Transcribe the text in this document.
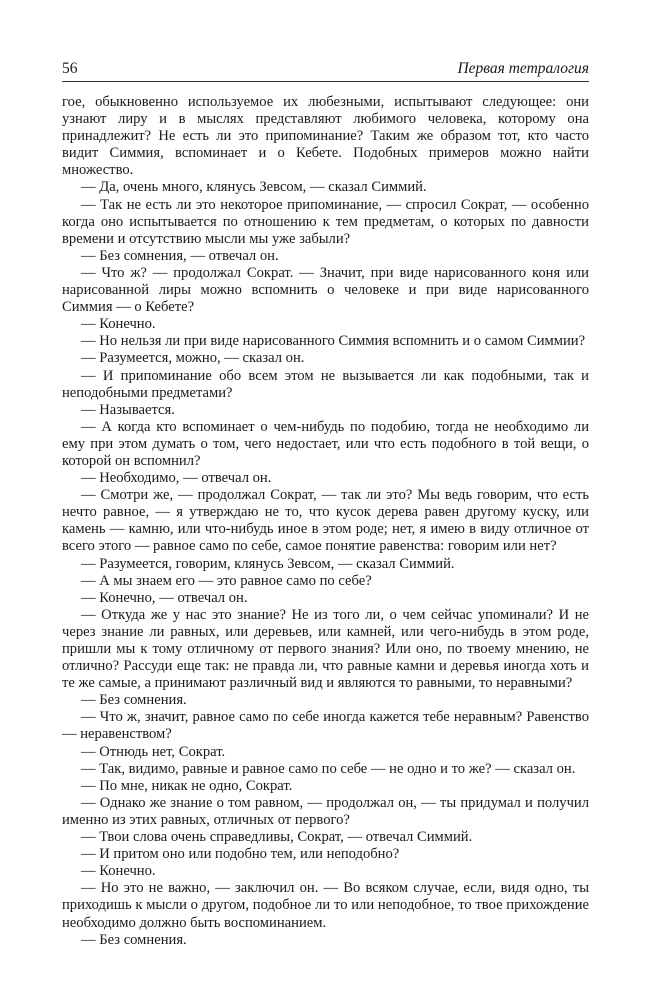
56	Первая тетралогия

гое, обыкновенно используемое их любезными, испытывают следующее: они узнают лиру и в мыслях представляют любимого человека, которому она принадлежит? Не есть ли это припоминание? Таким же образом тот, кто часто видит Симмия, вспоминает и о Кебете. Подобных примеров можно найти множество.

— Да, очень много, клянусь Зевсом, — сказал Симмий.

— Так не есть ли это некоторое припоминание, — спросил Сократ, — особенно когда оно испытывается по отношению к тем предметам, о которых по давности времени и отсутствию мысли мы уже забыли?

— Без сомнения, — отвечал он.

— Что ж? — продолжал Сократ. — Значит, при виде нарисованного коня или нарисованной лиры можно вспомнить о человеке и при виде нарисованного Симмия — о Кебете?

— Конечно.

— Но нельзя ли при виде нарисованного Симмия вспомнить и о самом Симмии?

— Разумеется, можно, — сказал он.

— И припоминание обо всем этом не вызывается ли как подобными, так и неподобными предметами?

— Называется.

— А когда кто вспоминает о чем-нибудь по подобию, тогда не необходимо ли ему при этом думать о том, чего недостает, или что есть подобного в той вещи, о которой он вспомнил?

— Необходимо, — отвечал он.

— Смотри же, — продолжал Сократ, — так ли это? Мы ведь говорим, что есть нечто равное, — я утверждаю не то, что кусок дерева равен другому куску, или камень — камню, или что-нибудь иное в этом роде; нет, я имею в виду отличное от всего этого — равное само по себе, самое понятие равенства: говорим или нет?

— Разумеется, говорим, клянусь Зевсом, — сказал Симмий.

— А мы знаем его — это равное само по себе?

— Конечно, — отвечал он.

— Откуда же у нас это знание? Не из того ли, о чем сейчас упоминали? И не через знание ли равных, или деревьев, или камней, или чего-нибудь в этом роде, пришли мы к тому отличному от первого знания? Или оно, по твоему мнению, не отлично? Рассуди еще так: не правда ли, что равные камни и деревья иногда хоть и те же самые, а принимают различный вид и являются то равными, то неравными?

— Без сомнения.

— Что ж, значит, равное само по себе иногда кажется тебе неравным? Равенство — неравенством?

— Отнюдь нет, Сократ.

— Так, видимо, равные и равное само по себе — не одно и то же? — сказал он.

— По мне, никак не одно, Сократ.

— Однако же знание о том равном, — продолжал он, — ты придумал и получил именно из этих равных, отличных от первого?

— Твои слова очень справедливы, Сократ, — отвечал Симмий.

— И притом оно или подобно тем, или неподобно?

— Конечно.

— Но это не важно, — заключил он. — Во всяком случае, если, видя одно, ты приходишь к мысли о другом, подобное ли то или неподобное, то твое прихождение необходимо должно быть воспоминанием.

— Без сомнения.
